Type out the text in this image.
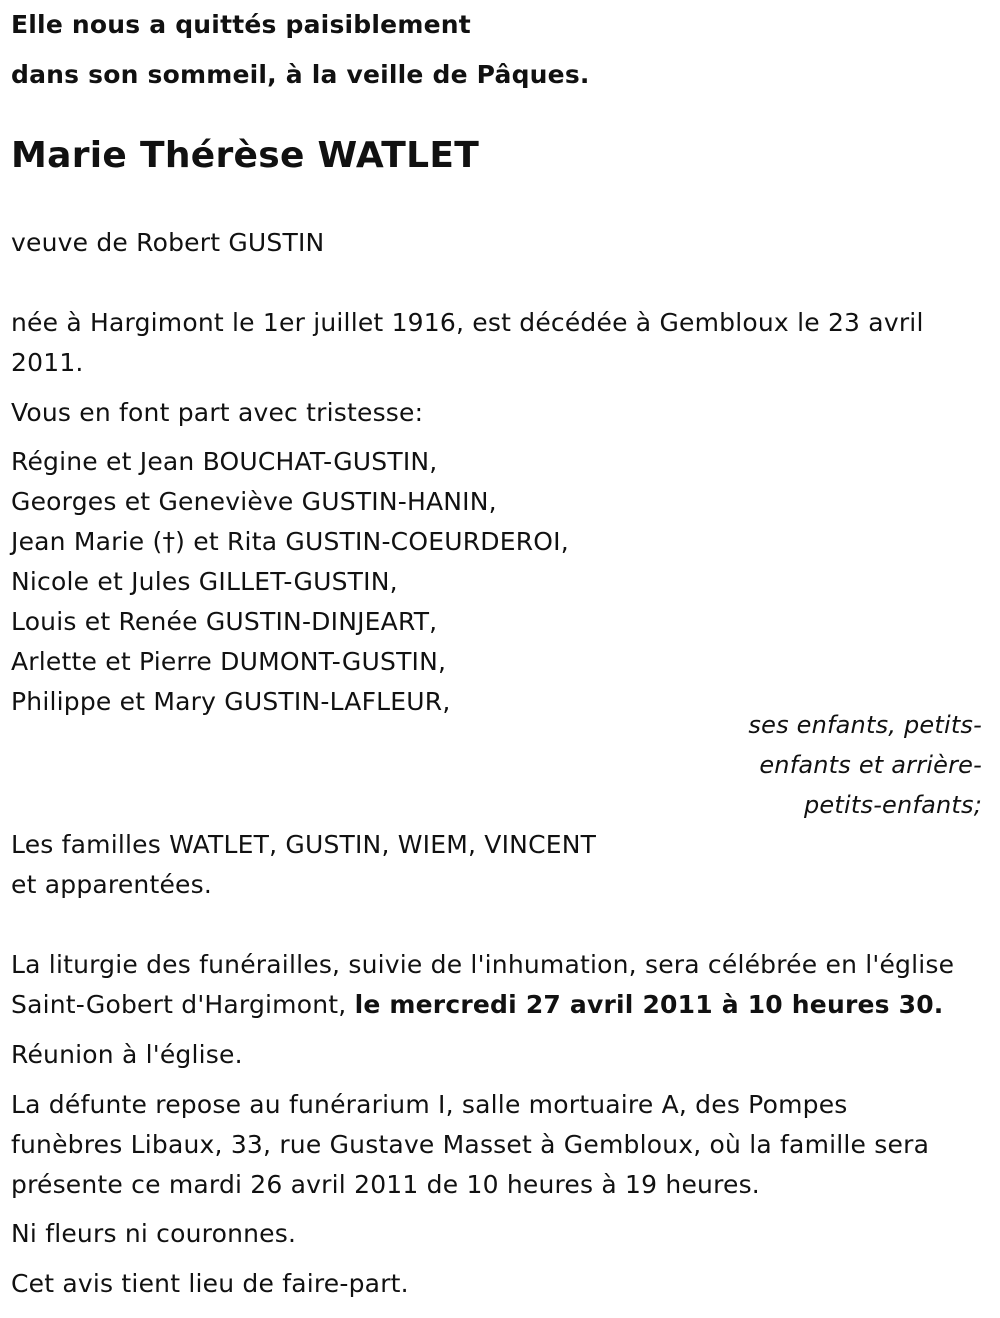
Elle nous a quittés paisiblement
dans son sommeil, à la veille de Pâques.
Marie Thérèse WATLET
veuve de Robert GUSTIN
née à Hargimont le 1er juillet 1916, est décédée à Gembloux le 23 avril
2011.
Vous en font part avec tristesse:
Régine et Jean BOUCHAT-GUSTIN,
Georges et Geneviève GUSTIN-HANIN,
Jean Marie (†) et Rita GUSTIN-COEURDEROI,
Nicole et Jules GILLET-GUSTIN,
Louis et Renée GUSTIN-DINJEART,
Arlette et Pierre DUMONT-GUSTIN,
Philippe et Mary GUSTIN-LAFLEUR,
ses enfants, petits-
enfants et arrière-
petits-enfants;
Les familles WATLET, GUSTIN, WIEM, VINCENT
et apparentées.
La liturgie des funérailles, suivie de l'inhumation, sera célébrée en l'église
Saint-Gobert d'Hargimont, le mercredi 27 avril 2011 à 10 heures 30.
Réunion à l'église.
La défunte repose au funérarium I, salle mortuaire A, des Pompes
funèbres Libaux, 33, rue Gustave Masset à Gembloux, où la famille sera
présente ce mardi 26 avril 2011 de 10 heures à 19 heures.
Ni fleurs ni couronnes.
Cet avis tient lieu de faire-part.
